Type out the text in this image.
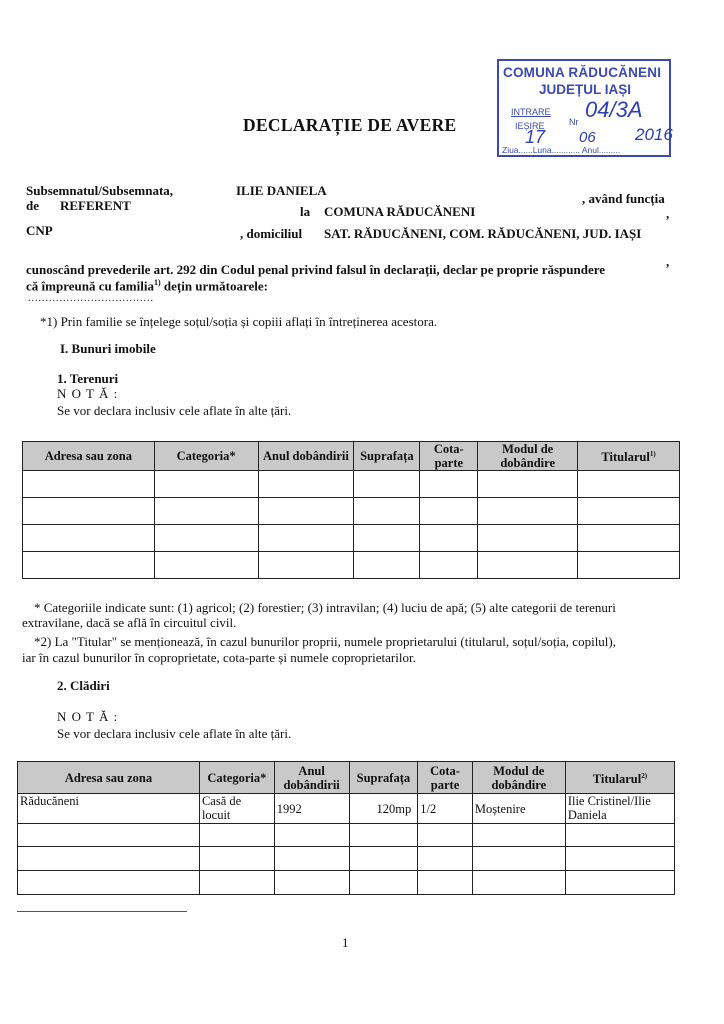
COMUNA RĂDUCĂNENI
JUDEȚUL IAȘI
INTRARE
IEȘIRE	Nr 04/3A
17 06 2016
Ziua......Luna............ Anul.........
DECLARAȚIE DE AVERE
Subsemnatul/Subsemnata,	ILIE DANIELA
, având funcția
de REFERENT	la COMUNA RĂDUCĂNENI	,
CNP	, domiciliul SAT. RĂDUCĂNENI, COM. RĂDUCĂNENI, JUD. IAȘI
,
cunoscând prevederile art. 292 din Codul penal privind falsul în declarații, declar pe proprie răspundere
că împreună cu familia$^{1)}$ dețin următoarele:
....................................
*1) Prin familie se înțelege soțul/soția și copiii aflați în întreținerea acestora.
I. Bunuri imobile
1. Terenuri
N O T Ă :
Se vor declara inclusiv cele aflate în alte țări.
Adresa sau zona	Categoria*	Anul dobândirii	Suprafața	Cota-parte	Modul de dobândire	Titularul$^{1)}$

* Categoriile indicate sunt: (1) agricol; (2) forestier; (3) intravilan; (4) luciu de apă; (5) alte categorii de terenuri
extravilane, dacă se află în circuitul civil.
*2) La "Titular" se menționează, în cazul bunurilor proprii, numele proprietarului (titularul, soțul/soția, copilul),
iar în cazul bunurilor în coproprietate, cota-parte și numele coproprietarilor.
2. Clădiri
N O T Ă :
Se vor declara inclusiv cele aflate în alte țări.
Adresa sau zona	Categoria*	Anul dobândirii	Suprafața	Cota-parte	Modul de dobândire	Titularul$^{2)}$
Răducăneni	Casă de locuit	1992	120mp	1/2	Moștenire	Ilie Cristinel/Ilie Daniela

1
